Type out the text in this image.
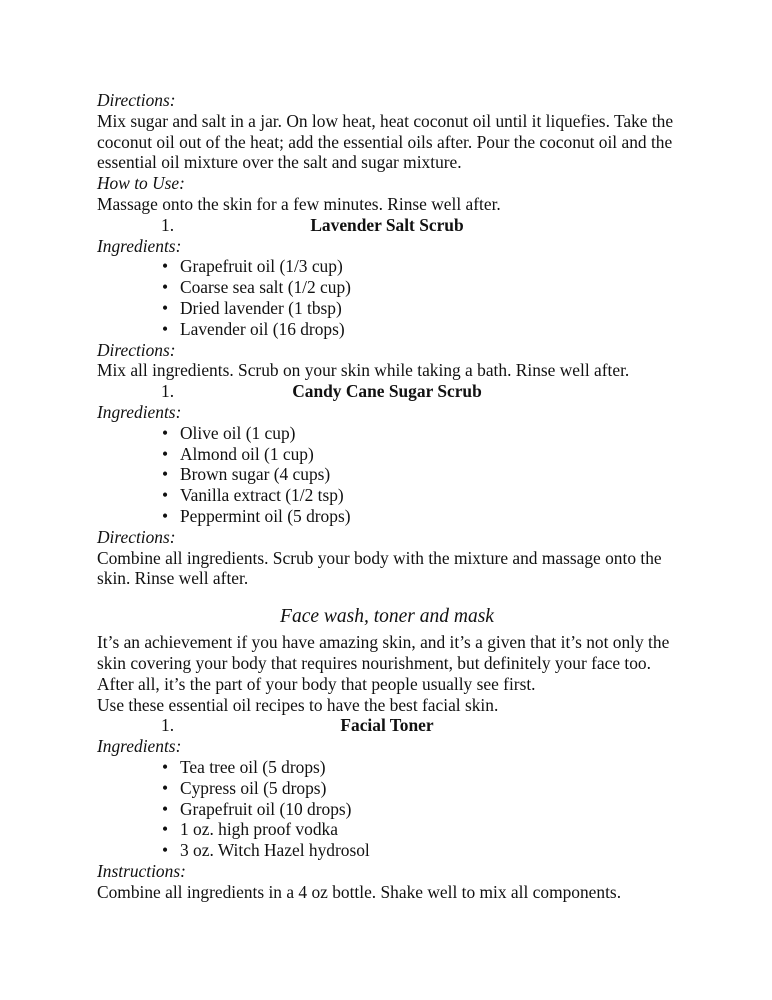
Directions:
Mix sugar and salt in a jar. On low heat, heat coconut oil until it liquefies. Take the coconut oil out of the heat; add the essential oils after. Pour the coconut oil and the essential oil mixture over the salt and sugar mixture.
How to Use:
Massage onto the skin for a few minutes. Rinse well after.
1.	Lavender Salt Scrub
Ingredients:
• Grapefruit oil (1/3 cup)
• Coarse sea salt (1/2 cup)
• Dried lavender (1 tbsp)
• Lavender oil (16 drops)
Directions:
Mix all ingredients. Scrub on your skin while taking a bath. Rinse well after.
1.	Candy Cane Sugar Scrub
Ingredients:
• Olive oil (1 cup)
• Almond oil (1 cup)
• Brown sugar (4 cups)
• Vanilla extract (1/2 tsp)
• Peppermint oil (5 drops)
Directions:
Combine all ingredients. Scrub your body with the mixture and massage onto the skin. Rinse well after.
Face wash, toner and mask
It’s an achievement if you have amazing skin, and it’s a given that it’s not only the skin covering your body that requires nourishment, but definitely your face too. After all, it’s the part of your body that people usually see first.
Use these essential oil recipes to have the best facial skin.
1.	Facial Toner
Ingredients:
• Tea tree oil (5 drops)
• Cypress oil (5 drops)
• Grapefruit oil (10 drops)
• 1 oz. high proof vodka
• 3 oz. Witch Hazel hydrosol
Instructions:
Combine all ingredients in a 4 oz bottle. Shake well to mix all components.
